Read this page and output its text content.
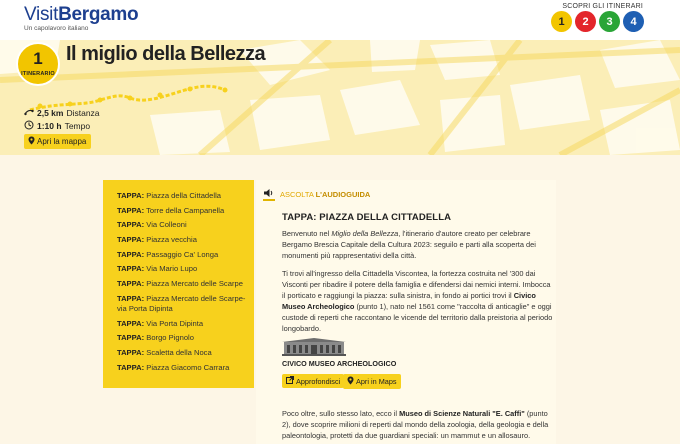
VisitBergamo
Un capolavoro italiano
SCOPRI GLI ITINERARI
1	2	3	4
1
ITINERARIO
Il miglio della Bellezza
2,5 km Distanza
1:10 h Tempo
Apri la mappa
TAPPA: Piazza della Cittadella
TAPPA: Torre della Campanella
TAPPA: Via Colleoni
TAPPA: Piazza vecchia
TAPPA: Passaggio Ca' Longa
TAPPA: Via Mario Lupo
TAPPA: Piazza Mercato delle Scarpe
TAPPA: Piazza Mercato delle Scarpe-
via Porta Dipinta
TAPPA: Via Porta Dipinta
TAPPA: Borgo Pignolo
TAPPA: Scaletta della Noca
TAPPA: Piazza Giacomo Carrara
ASCOLTA L'AUDIOGUIDA
TAPPA: PIAZZA DELLA CITTADELLA
Benvenuto nel Miglio della Bellezza, l'itinerario d'autore creato per celebrare Bergamo Brescia Capitale della Cultura 2023: seguilo e parti alla scoperta dei monumenti più rappresentativi della città.
Ti trovi all'ingresso della Cittadella Viscontea, la fortezza costruita nel '300 dai Visconti per ribadire il potere della famiglia e difendersi dai nemici interni. Imbocca il porticato e raggiungi la piazza: sulla sinistra, in fondo ai portici trovi il Civico Museo Archeologico (punto 1), nato nel 1561 come "raccolta di anticaglie" e oggi custode di reperti che raccontano le vicende del territorio dalla preistoria al periodo longobardo.
CIVICO MUSEO ARCHEOLOGICO
Approfondisci Apri in Maps
Poco oltre, sullo stesso lato, ecco il Museo di Scienze Naturali "E. Caffi" (punto 2), dove scoprire milioni di reperti dal mondo della zoologia, della geologia e della paleontologia, protetti da due guardiani speciali: un mammut e un allosauro.
